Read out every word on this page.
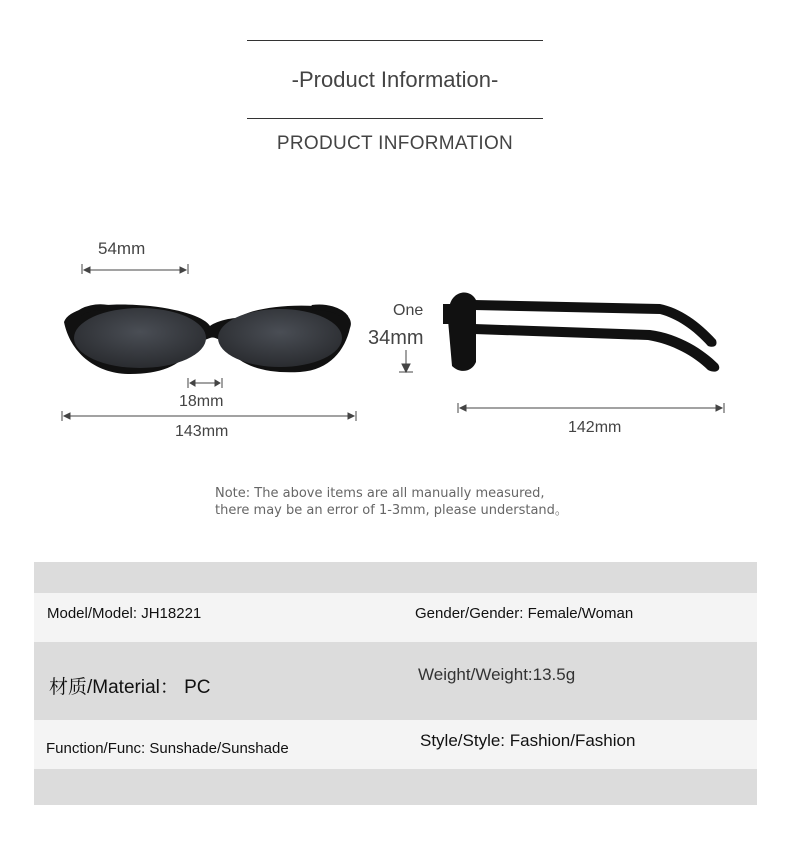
-Product Information-
PRODUCT INFORMATION
54mm
18mm
143mm
One
34mm
142mm
Note: The above items are all manually measured,
there may be an error of 1-3mm, please understand。
Model/Model: JH18221	Gender/Gender: Female/Woman
材质/Material： PC
Weight/Weight:13.5g
Function/Func: Sunshade/Sunshade	Style/Style: Fashion/Fashion
